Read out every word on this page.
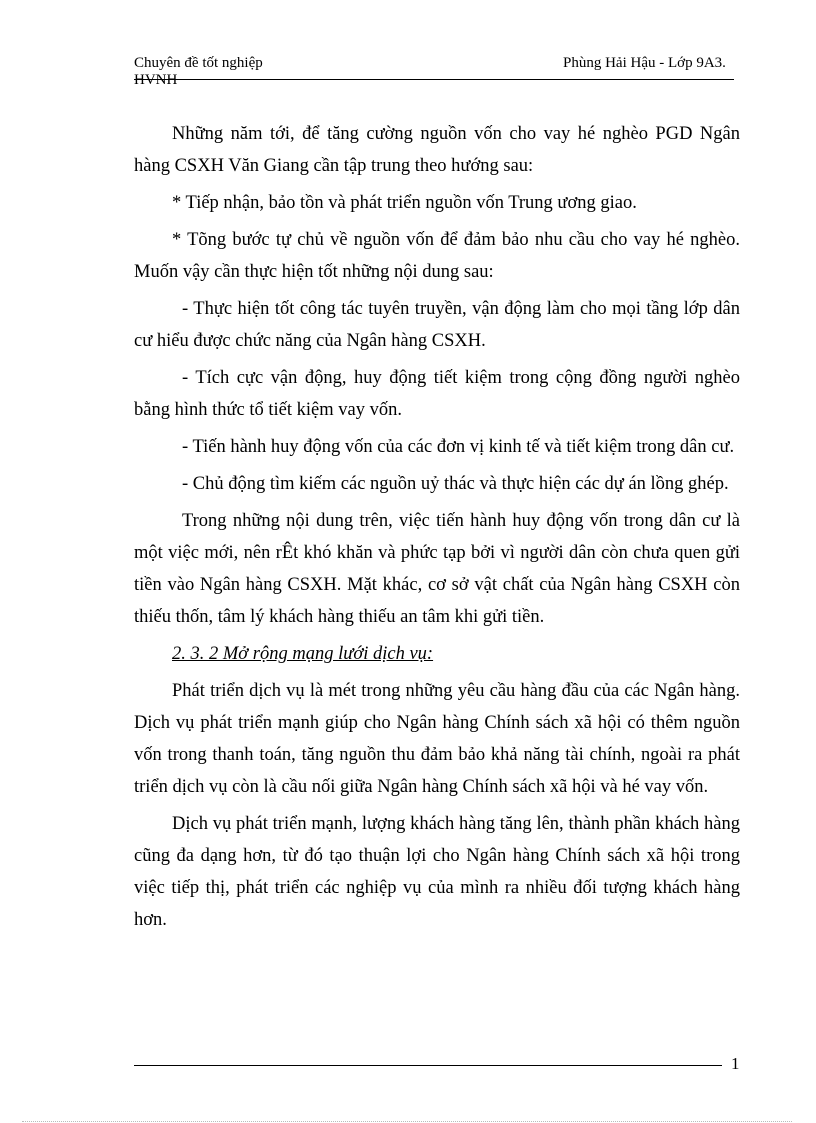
Chuyên đề tốt nghiệp
HVNH
Phùng Hải Hậu - Lớp 9A3.

Những năm tới, để tăng cường nguồn vốn cho vay hé nghèo PGD Ngân hàng CSXH Văn Giang cần tập trung theo hướng sau:

* Tiếp nhận, bảo tồn và phát triển nguồn vốn Trung ương giao.

* Tõng bước tự chủ về nguồn vốn để đảm bảo nhu cầu cho vay hé nghèo. Muốn vậy cần thực hiện tốt những nội dung sau:

- Thực hiện tốt công tác tuyên truyền, vận động làm cho mọi tầng lớp dân cư hiểu được chức năng của Ngân hàng CSXH.

- Tích cực vận động, huy động tiết kiệm trong cộng đồng người nghèo bằng hình thức tổ tiết kiệm vay vốn.

- Tiến hành huy động vốn của các đơn vị kinh tế và tiết kiệm trong dân cư.

- Chủ động tìm kiếm các nguồn uỷ thác và thực hiện các dự án lồng ghép.

Trong những nội dung trên, việc tiến hành huy động vốn trong dân cư là một việc mới, nên rÊt khó khăn và phức tạp bởi vì người dân còn chưa quen gửi tiền vào Ngân hàng CSXH. Mặt khác, cơ sở vật chất của Ngân hàng CSXH còn thiếu thốn, tâm lý khách hàng thiếu an tâm khi gửi tiền.

2. 3. 2 Mở rộng mạng lưới dịch vụ:

Phát triển dịch vụ là mét trong những yêu cầu hàng đầu của các Ngân hàng. Dịch vụ phát triển mạnh giúp cho Ngân hàng Chính sách xã hội có thêm nguồn vốn trong thanh toán, tăng nguồn thu đảm bảo khả năng tài chính, ngoài ra phát triển dịch vụ còn là cầu nối giữa Ngân hàng Chính sách xã hội và hé vay vốn.

Dịch vụ phát triển mạnh, lượng khách hàng tăng lên, thành phần khách hàng cũng đa dạng hơn, từ đó tạo thuận lợi cho Ngân hàng Chính sách xã hội trong việc tiếp thị, phát triển các nghiệp vụ của mình ra nhiều đối tượng khách hàng hơn.

1
